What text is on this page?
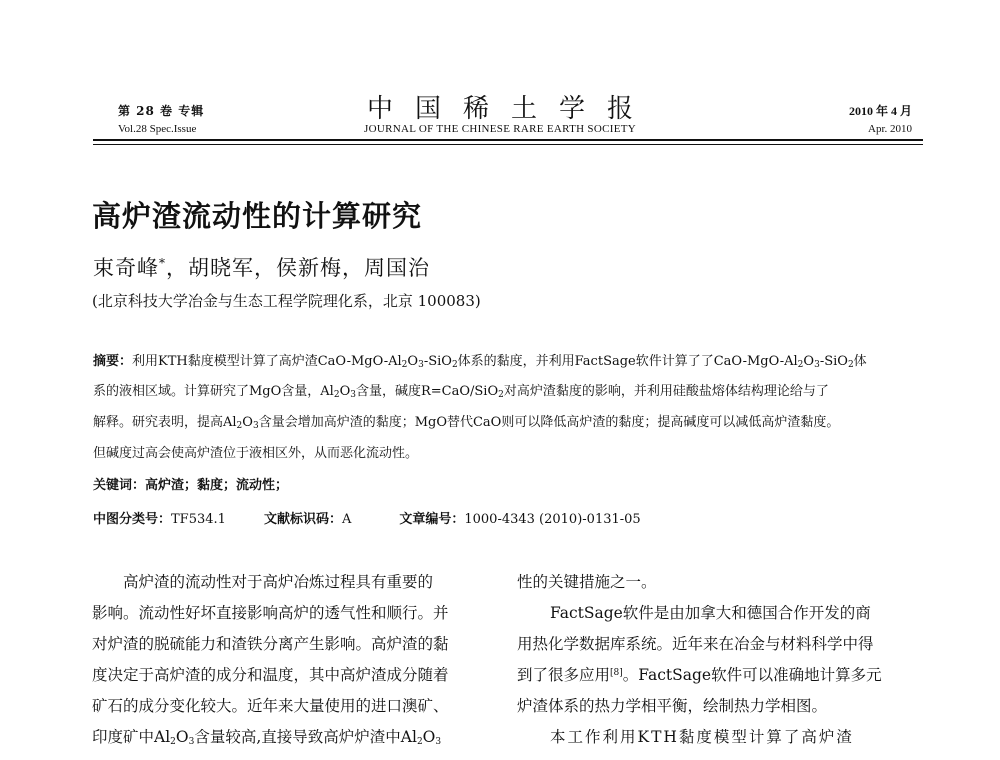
第 28 卷 专辑
Vol.28 Spec.Issue
中国稀土学报
JOURNAL OF THE CHINESE RARE EARTH SOCIETY
2010 年 4 月
Apr. 2010
高炉渣流动性的计算研究
束奇峰*，胡晓军，侯新梅，周国治
(北京科技大学冶金与生态工程学院理化系，北京 100083)
摘要：利用KTH黏度模型计算了高炉渣CaO-$MgO-Al_2O_3-SiO_2$体系的黏度，并利用FactSage软件计算了了CaO-$MgO-Al_2O_3-SiO_2$体
系的液相区域。计算研究了MgO含量，$Al_2O_3$含量，碱度R=CaO/SiO$_2$对高炉渣黏度的影响，并利用硅酸盐熔体结构理论给与了
解释。研究表明，提高$Al_2O_3$含量会增加高炉渣的黏度；MgO替代CaO则可以降低高炉渣的黏度；提高碱度可以减低高炉渣黏度。
但碱度过高会使高炉渣位于液相区外，从而恶化流动性。
关键词：高炉渣；黏度；流动性；
中图分类号：TF534.1	文献标识码：A	文章编号：1000-4343 (2010)-0131-05
高炉渣的流动性对于高炉冶炼过程具有重要的
影响。流动性好坏直接影响高炉的透气性和顺行。并
对炉渣的脱硫能力和渣铁分离产生影响。高炉渣的黏
度决定于高炉渣的成分和温度，其中高炉渣成分随着
矿石的成分变化较大。近年来大量使用的进口澳矿、
印度矿中$Al_2O_3$含量较高,直接导致高炉炉渣中$Al_2O_3$
性的关键措施之一。
FactSage软件是由加拿大和德国合作开发的商
用热化学数据库系统。近年来在冶金与材料科学中得
到了很多应用[8]。FactSage软件可以准确地计算多元
炉渣体系的热力学相平衡，绘制热力学相图。
本工作利用KTH黏度模型计算了高炉渣
